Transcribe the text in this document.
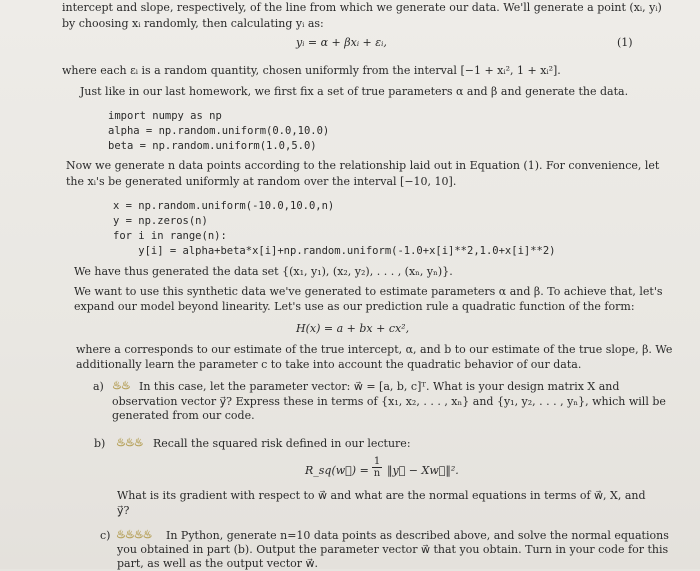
intercept and slope, respectively, of the line from which we generate our data. We'll generate a point (xᵢ, yᵢ)
by choosing xᵢ randomly, then calculating yᵢ as:
yᵢ = α + βxᵢ + εᵢ,	(1)
where each εᵢ is a random quantity, chosen uniformly from the interval [−1 + xᵢ², 1 + xᵢ²].
Just like in our last homework, we first fix a set of true parameters α and β and generate the data.
import numpy as np
alpha = np.random.uniform(0.0,10.0)
beta = np.random.uniform(1.0,5.0)
Now we generate n data points according to the relationship laid out in Equation (1). For convenience, let
the xᵢ's be generated uniformly at random over the interval [−10, 10].
x = np.random.uniform(-10.0,10.0,n)
y = np.zeros(n)
for i in range(n):
y[i] = alpha+beta*x[i]+np.random.uniform(-1.0+x[i]**2,1.0+x[i]**2)
We have thus generated the data set {(x₁, y₁), (x₂, y₂), . . . , (xₙ, yₙ)}.
We want to use this synthetic data we've generated to estimate parameters α and β. To achieve that, let's
expand our model beyond linearity. Let's use as our prediction rule a quadratic function of the form:
H(x) = a + bx + cx²,
where a corresponds to our estimate of the true intercept, α, and b to our estimate of the true slope, β. We
additionally learn the parameter c to take into account the quadratic behavior of our data.
a) ♨♨ In this case, let the parameter vector: w⃗ = [a, b, c]ᵀ. What is your design matrix X and
observation vector y⃗? Express these in terms of {x₁, x₂, . . . , xₙ} and {y₁, y₂, . . . , yₙ}, which will be
generated from our code.
b) ♨♨♨ Recall the squared risk defined in our lecture:
R_sq(w⃗) = $\frac{1}{n}$ ‖y⃗ − Xw⃗‖².
What is its gradient with respect to w⃗ and what are the normal equations in terms of w⃗, X, and
y⃗?
c) ♨♨♨♨ In Python, generate n=10 data points as described above, and solve the normal equations
you obtained in part (b). Output the parameter vector w⃗ that you obtain. Turn in your code for this
part, as well as the output vector w⃗.
